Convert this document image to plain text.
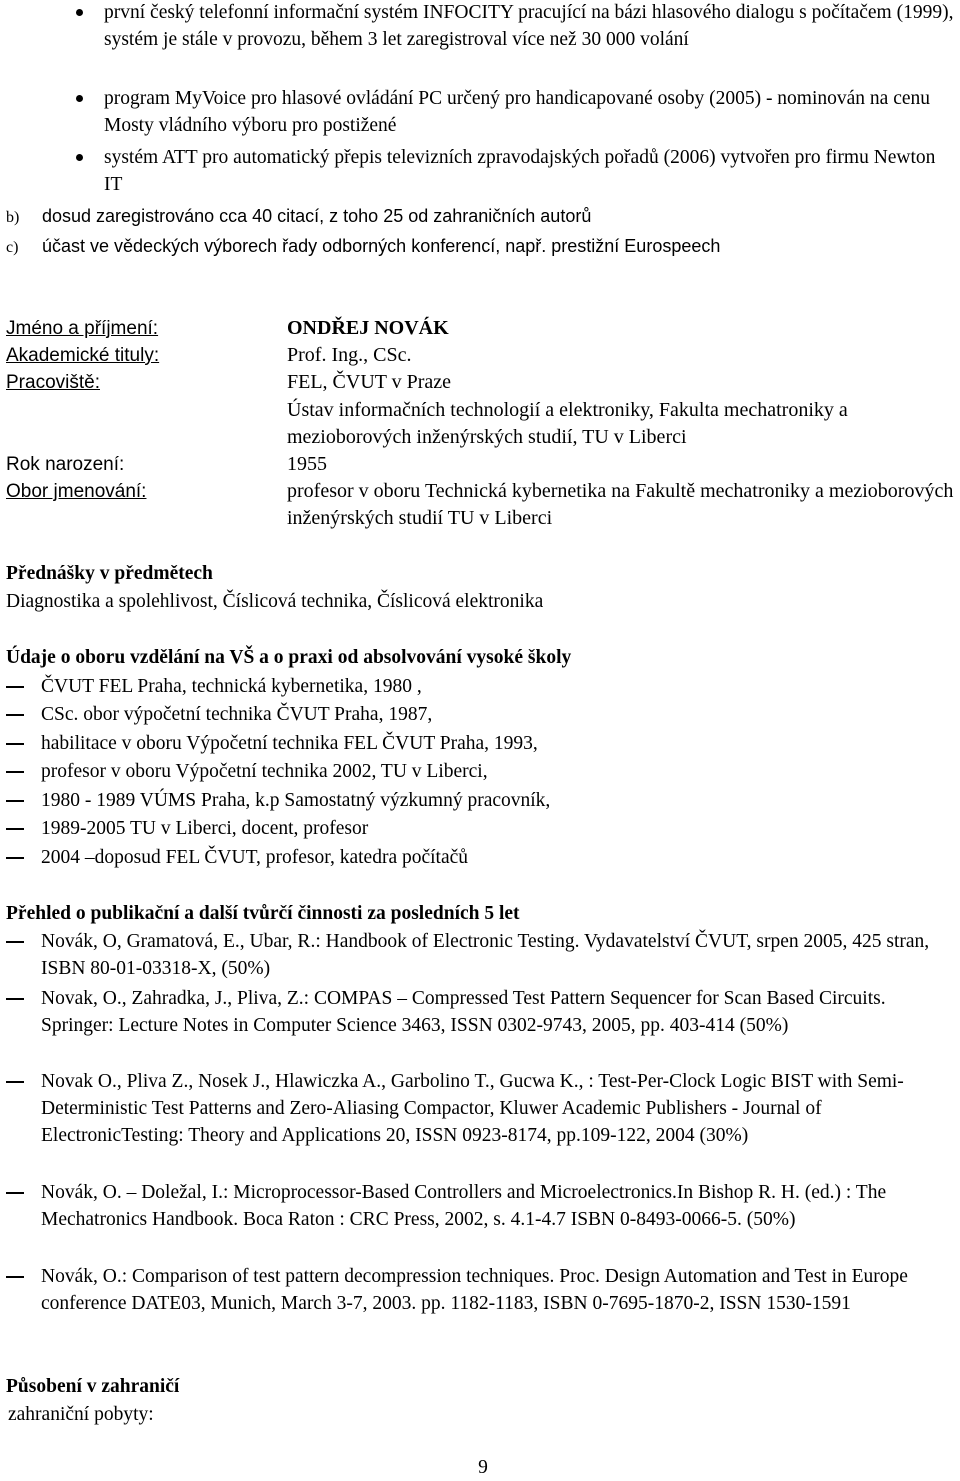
první český telefonní informační systém INFOCITY pracující na bázi hlasového dialogu s počítačem (1999), systém je stále v provozu, během 3 let zaregistroval více než 30 000 volání
program MyVoice pro hlasové ovládání PC určený pro handicapované osoby (2005) - nominován na cenu Mosty vládního výboru pro postižené
systém ATT pro automatický přepis televizních zpravodajských pořadů (2006) vytvořen pro firmu Newton IT
b) dosud zaregistrováno cca 40 citací, z toho 25 od zahraničních autorů
c) účast ve vědeckých výborech řady odborných konferencí, např. prestižní Eurospeech
Jméno a příjmení:	ONDŘEJ NOVÁK
Akademické tituly:	Prof. Ing., CSc.
Pracoviště:	FEL, ČVUT v Praze
Ústav informačních technologií a elektroniky, Fakulta mechatroniky a mezioborových inženýrských studií, TU v Liberci
Rok narození:	1955
Obor jmenování:	profesor v oboru Technická kybernetika na Fakultě mechatroniky a mezioborových inženýrských studií TU v Liberci
Přednášky v předmětech
Diagnostika a spolehlivost, Číslicová technika, Číslicová elektronika
Údaje o oboru vzdělání na VŠ a o praxi od absolvování vysoké školy
ČVUT FEL Praha, technická kybernetika, 1980 ,
CSc. obor výpočetní technika ČVUT Praha, 1987,
habilitace v oboru Výpočetní technika FEL ČVUT Praha, 1993,
profesor v oboru Výpočetní technika 2002, TU v Liberci,
1980 - 1989 VÚMS Praha, k.p Samostatný výzkumný pracovník,
1989-2005 TU v Liberci, docent, profesor
2004 –doposud FEL ČVUT, profesor, katedra počítačů
Přehled o publikační a další tvůrčí činnosti za posledních 5 let
Novák, O, Gramatová, E., Ubar, R.: Handbook of Electronic Testing. Vydavatelství ČVUT, srpen 2005, 425 stran, ISBN 80-01-03318-X, (50%)
Novak, O., Zahradka, J., Pliva, Z.: COMPAS – Compressed Test Pattern Sequencer for Scan Based Circuits. Springer: Lecture Notes in Computer Science 3463, ISSN 0302-9743, 2005, pp. 403-414 (50%)
Novak O., Pliva Z., Nosek J., Hlawiczka A., Garbolino T., Gucwa K., : Test-Per-Clock Logic BIST with Semi-Deterministic Test Patterns and Zero-Aliasing Compactor, Kluwer Academic Publishers - Journal of ElectronicTesting: Theory and Applications 20, ISSN 0923-8174, pp.109-122, 2004 (30%)
Novák, O. – Doležal, I.: Microprocessor-Based Controllers and Microelectronics.In Bishop R. H. (ed.) : The Mechatronics Handbook. Boca Raton : CRC Press, 2002, s. 4.1-4.7 ISBN 0-8493-0066-5. (50%)
Novák, O.: Comparison of test pattern decompression techniques. Proc. Design Automation and Test in Europe conference DATE03, Munich, March 3-7, 2003. pp. 1182-1183, ISBN 0-7695-1870-2, ISSN 1530-1591
Působení v zahraničí
zahraniční pobyty:
9
